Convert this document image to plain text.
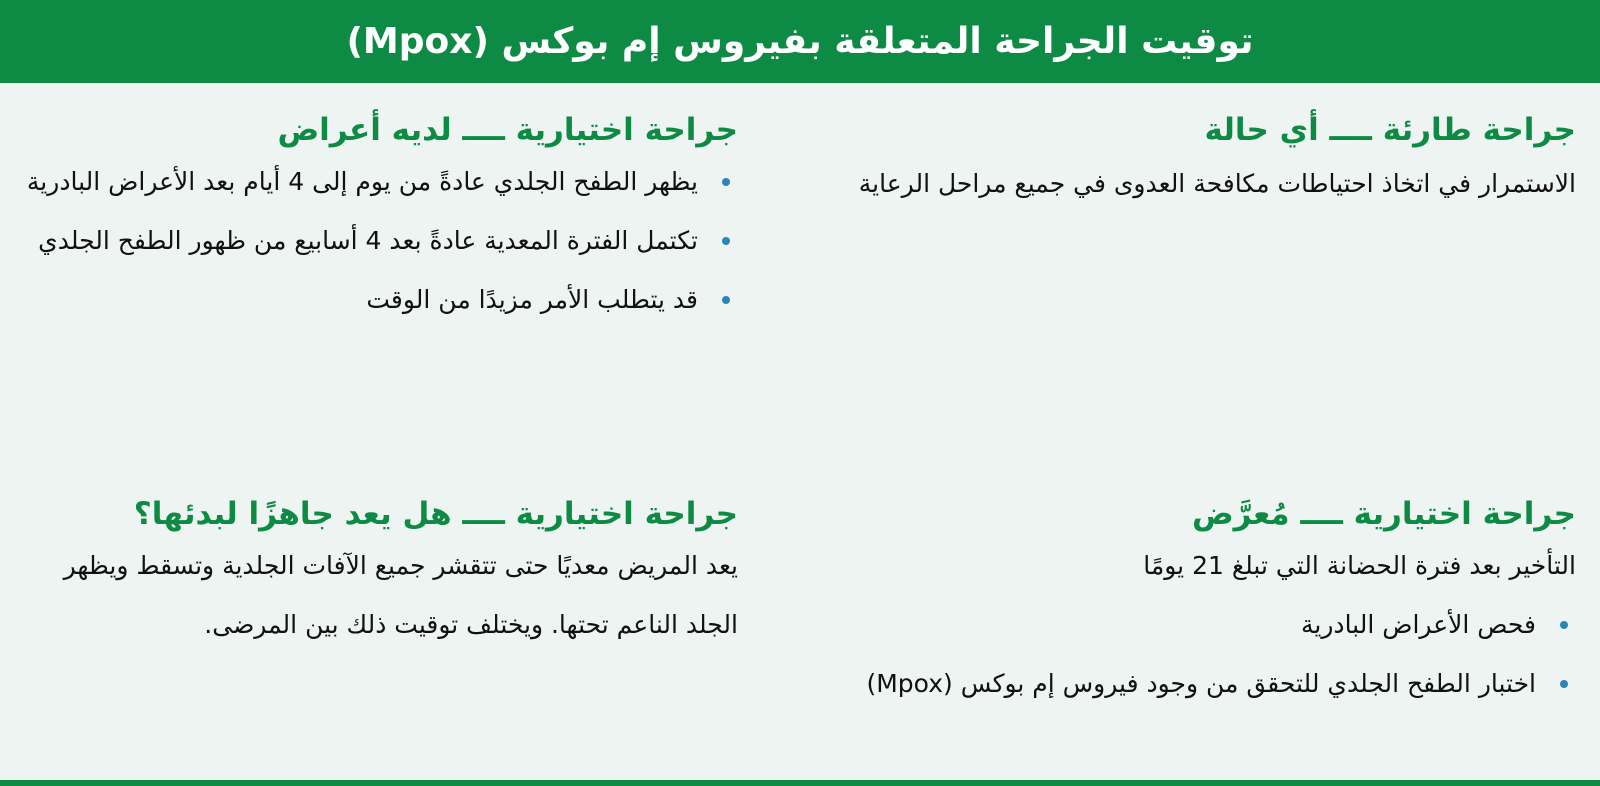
توقيت الجراحة المتعلقة بفيروس إم بوكس (Mpox)
جراحة طارئة ــــ أي حالة

الاستمرار في اتخاذ احتياطات مكافحة العدوى في جميع مراحل الرعاية

جراحة اختيارية ــــ لديه أعراض
يظهر الطفح الجلدي عادةً من يوم إلى 4 أيام بعد الأعراض البادرية
تكتمل الفترة المعدية عادةً بعد 4 أسابيع من ظهور الطفح الجلدي
قد يتطلب الأمر مزيدًا من الوقت
جراحة اختيارية ــــ مُعرَّض

التأخير بعد فترة الحضانة التي تبلغ 21 يومًا

فحص الأعراض البادرية
اختبار الطفح الجلدي للتحقق من وجود فيروس إم بوكس (Mpox)
جراحة اختيارية ــــ هل يعد جاهزًا لبدئها؟

يعد المريض معديًا حتى تتقشر جميع الآفات الجلدية وتسقط ويظهر الجلد الناعم تحتها. ويختلف توقيت ذلك بين المرضى.
